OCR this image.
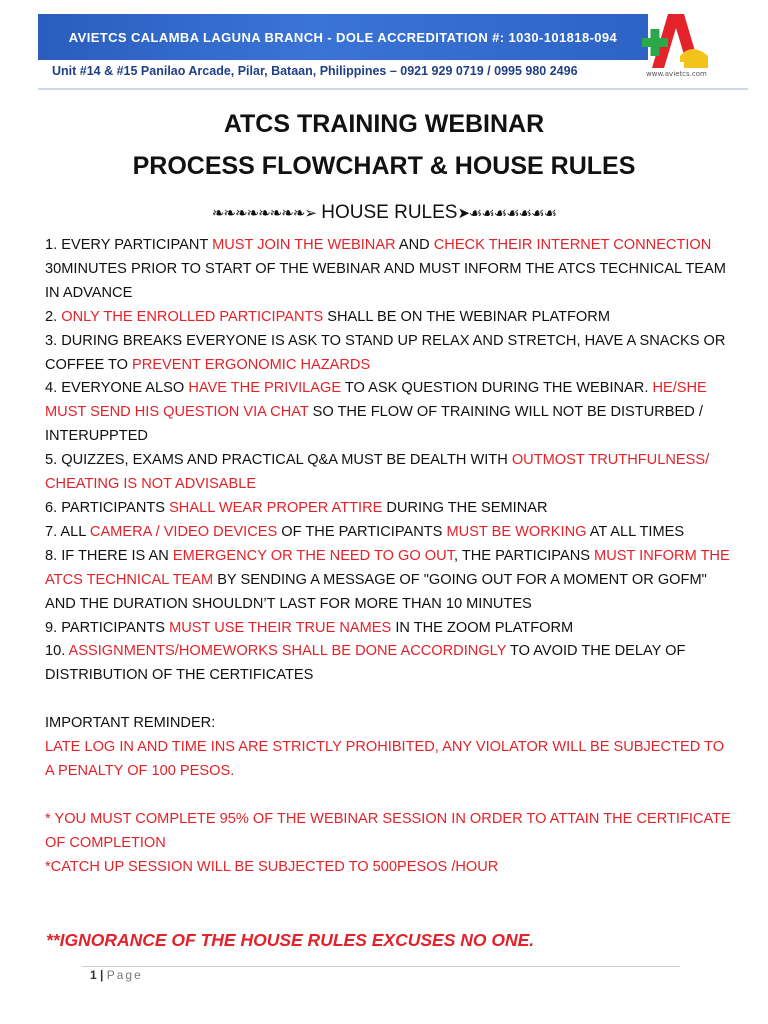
AVIETCS CALAMBA LAGUNA BRANCH - DOLE ACCREDITATION #: 1030-101818-094
Unit #14 & #15 Panilao Arcade, Pilar, Bataan, Philippines – 0921 929 0719 / 0995 980 2496	www.avietcs.com
ATCS TRAINING WEBINAR
PROCESS FLOWCHART & HOUSE RULES
❧❧❧❧❧❧❧❧➢ HOUSE RULES➤☙☙☙☙☙☙☙

1. EVERY PARTICIPANT MUST JOIN THE WEBINAR AND CHECK THEIR INTERNET CONNECTION 30MINUTES PRIOR TO START OF THE WEBINAR AND MUST INFORM THE ATCS TECHNICAL TEAM IN ADVANCE

2. ONLY THE ENROLLED PARTICIPANTS SHALL BE ON THE WEBINAR PLATFORM

3. DURING BREAKS EVERYONE IS ASK TO STAND UP RELAX AND STRETCH, HAVE A SNACKS OR COFFEE TO PREVENT ERGONOMIC HAZARDS

4. EVERYONE ALSO HAVE THE PRIVILAGE TO ASK QUESTION DURING THE WEBINAR. HE/SHE MUST SEND HIS QUESTION VIA CHAT SO THE FLOW OF TRAINING WILL NOT BE DISTURBED / INTERUPPTED

5. QUIZZES, EXAMS AND PRACTICAL Q&A MUST BE DEALTH WITH OUTMOST TRUTHFULNESS/ CHEATING IS NOT ADVISABLE

6. PARTICIPANTS SHALL WEAR PROPER ATTIRE DURING THE SEMINAR

7. ALL CAMERA / VIDEO DEVICES OF THE PARTICIPANTS MUST BE WORKING AT ALL TIMES

8. IF THERE IS AN EMERGENCY OR THE NEED TO GO OUT, THE PARTICIPANS MUST INFORM THE ATCS TECHNICAL TEAM BY SENDING A MESSAGE OF "GOING OUT FOR A MOMENT OR GOFM" AND THE DURATION SHOULDN’T LAST FOR MORE THAN 10 MINUTES

9. PARTICIPANTS MUST USE THEIR TRUE NAMES IN THE ZOOM PLATFORM

10. ASSIGNMENTS/HOMEWORKS SHALL BE DONE ACCORDINGLY TO AVOID THE DELAY OF DISTRIBUTION OF THE CERTIFICATES

IMPORTANT REMINDER:

LATE LOG IN AND TIME INS ARE STRICTLY PROHIBITED, ANY VIOLATOR WILL BE SUBJECTED TO A PENALTY OF 100 PESOS.

* YOU MUST COMPLETE 95% OF THE WEBINAR SESSION IN ORDER TO ATTAIN THE CERTIFICATE OF COMPLETION

*CATCH UP SESSION WILL BE SUBJECTED TO 500PESOS /HOUR

**IGNORANCE OF THE HOUSE RULES EXCUSES NO ONE.
1 | Page
